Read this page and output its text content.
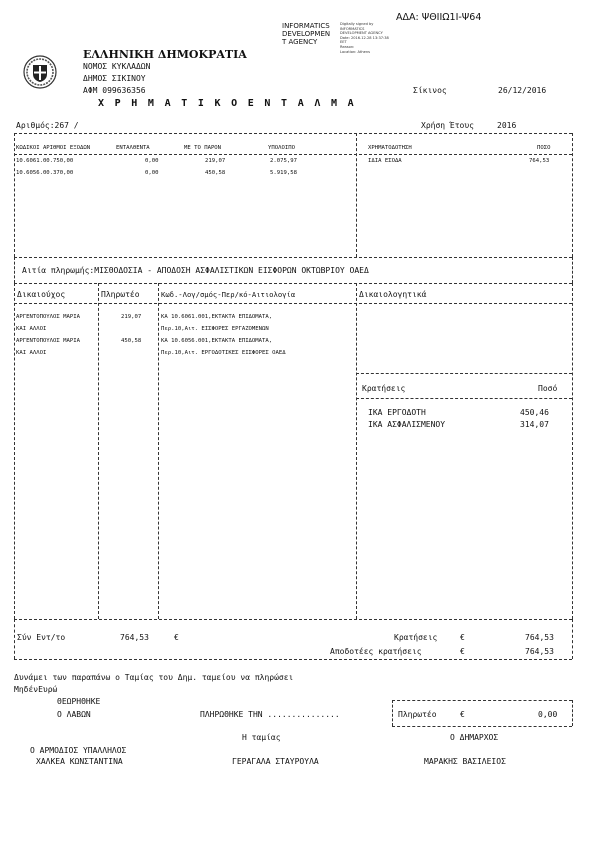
ΑΔΑ: ΨΘΙΙΩ1Ι-Ψ64
INFORMATICS
DEVELOPMEN
T AGENCY
Digitally signed by
INFORMATICS
DEVELOPMENT AGENCY
Date: 2016.12.28 13:37:38
EET
Reason:
Location: Athens
ΕΛΛΗΝΙΚΗ ΔΗΜΟΚΡΑΤΙΑ
ΝΟΜΟΣ ΚΥΚΛΑΔΩΝ
ΔΗΜΟΣ ΣΙΚΙΝΟΥ
ΑΦΜ 099636356	Σίκινος	26/12/2016
Χ Ρ Η Μ Α Τ Ι Κ Ο Ε Ν Τ Α Λ Μ Α
Αριθμός:267 /	Χρήση Έτους	2016
ΚΩΔΙΚΟΙ ΑΡΙΘΜΟΙ ΕΞΟΔΩΝ	ΕΝΤΑΛΘΕΝΤΑ	ΜΕ ΤΟ ΠΑΡΟΝ	ΥΠΟΛΟΙΠΟ	ΧΡΗΜΑΤΟΔΟΤΗΣΗ	ΠΟΣΟ
10.6061.00.750,00	0,00	219,07	2.075,97	ΙΔΙΑ ΕΣΟΔΑ	764,53
10.6056.00.370,00	0,00	450,58	5.919,58
Αιτία πληρωμής:ΜΙΣΘΟΔΟΣΙΑ - ΑΠΟΔΟΣΗ ΑΣΦΑΛΙΣΤΙΚΩΝ ΕΙΣΦΟΡΩΝ ΟΚΤΩΒΡΙΟΥ ΟΑΕΔ
Δικαιούχος	Πληρωτέο	Κωδ.-Λογ/σμός-Περ/κό-Αιτιολογία	Δικαιολογητικά
ΑΡΓΕΝΤΟΠΟΥΛΟΣ ΜΑΡΙΑ	219,07	ΚΑ 10.6061.001,ΕΚΤΑΚΤΑ ΕΠΙΔΟΜΑΤΑ,
ΚΑΙ ΑΛΛΟΙ	Περ.10,Αιτ. ΕΙΣΦΟΡΕΣ ΕΡΓΑΖΟΜΕΝΩΝ
ΑΡΓΕΝΤΟΠΟΥΛΟΣ ΜΑΡΙΑ	450,58	ΚΑ 10.6056.001,ΕΚΤΑΚΤΑ ΕΠΙΔΟΜΑΤΑ,
ΚΑΙ ΑΛΛΟΙ	Περ.10,Αιτ. ΕΡΓΟΔΟΤΙΚΕΣ ΕΙΣΦΟΡΕΣ ΟΑΕΔ
Κρατήσεις	Ποσό
ΙΚΑ ΕΡΓΟΔΟΤΗ	450,46
ΙΚΑ ΑΣΦΑΛΙΣΜΕΝΟΥ	314,07
Σύν Εντ/το	764,53	€	Κρατήσεις	€	764,53
Αποδοτέες κρατήσεις	€	764,53
Δυνάμει των παραπάνω ο Ταμίας του Δημ. ταμείου να πληρώσει
ΜηδένΕυρώ
ΘΕΩΡΗΘΗΚΕ
Ο ΛΑΒΩΝ	ΠΛΗΡΩΘΗΚΕ ΤΗΝ ...............	Πληρωτέο	€	0,00
Η ταμίας	Ο ΔΗΜΑΡΧΟΣ
Ο ΑΡΜΟΔΙΟΣ ΥΠΑΛΛΗΛΟΣ
ΧΑΛΚΕΑ ΚΩΝΣΤΑΝΤΙΝΑ	ΓΕΡΑΓΑΛΑ ΣΤΑΥΡΟΥΛΑ	ΜΑΡΑΚΗΣ ΒΑΣΙΛΕΙΟΣ
